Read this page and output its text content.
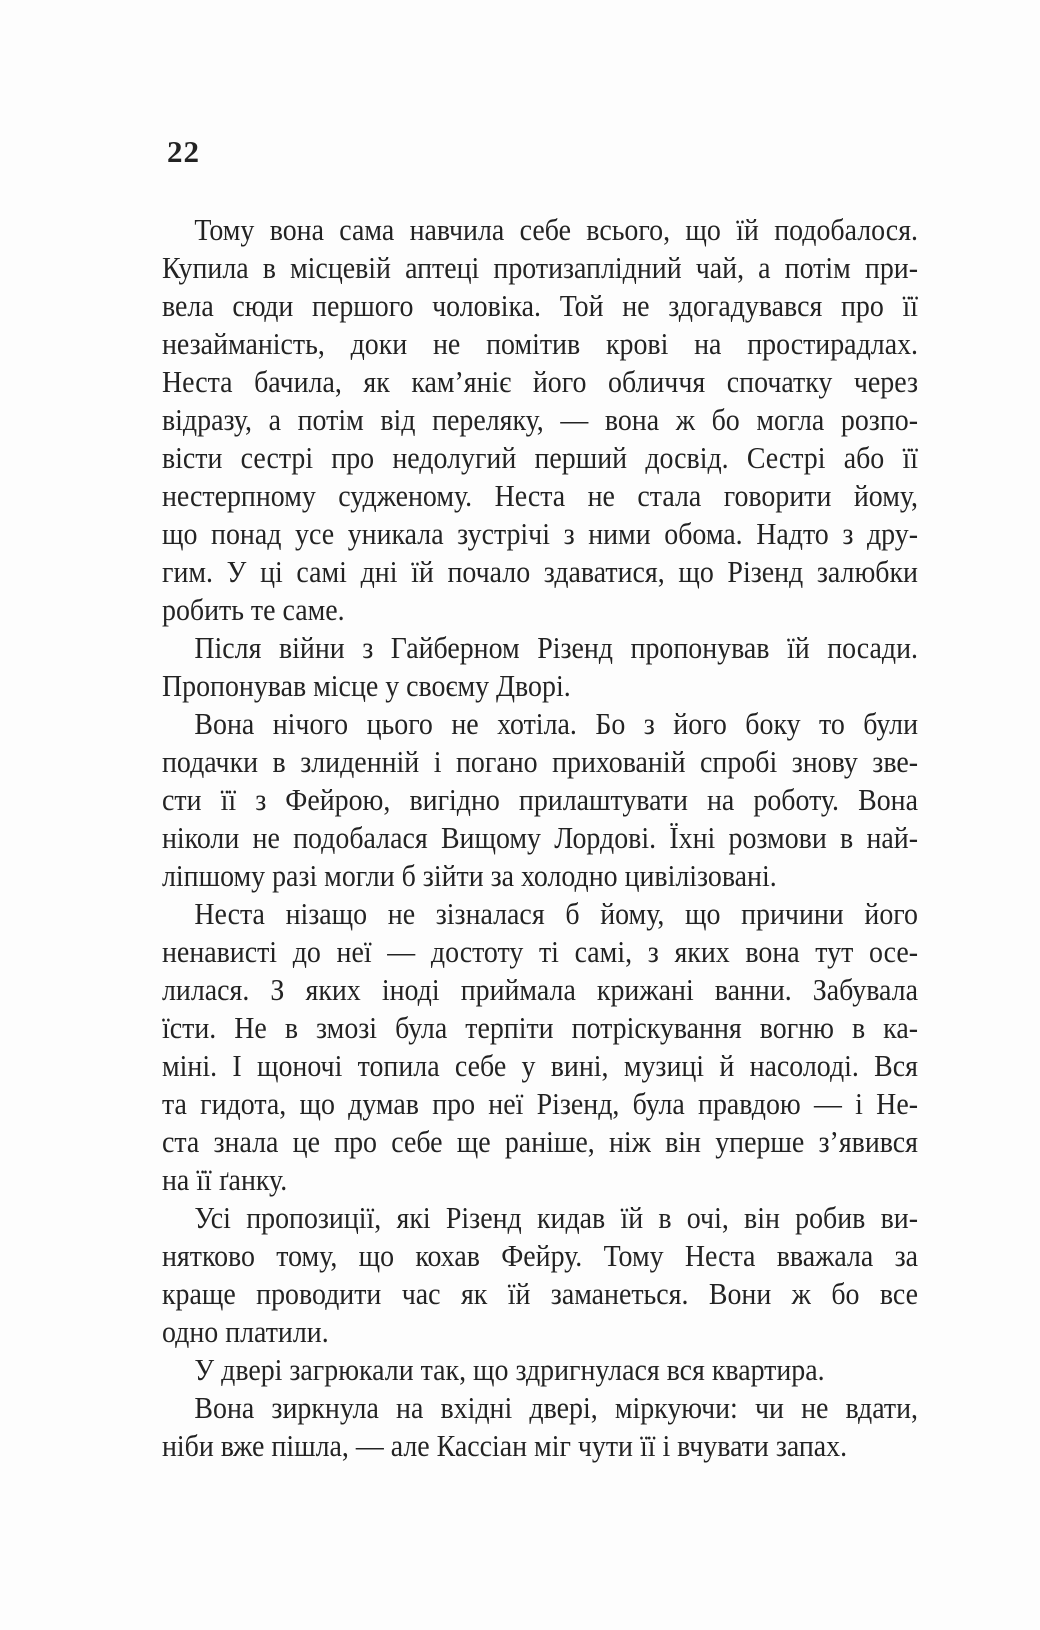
22
Тому вона сама навчила себе всього, що їй подобалося.
Купила в місцевій аптеці протизаплідний чай, а потім при-
вела сюди першого чоловіка. Той не здогадувався про її
незайманість, доки не помітив крові на простирадлах.
Неста бачила, як кам’яніє його обличчя спочатку через
відразу, а потім від переляку, — вона ж бо могла розпо-
вісти сестрі про недолугий перший досвід. Сестрі або її
нестерпному судженому. Неста не стала говорити йому,
що понад усе уникала зустрічі з ними обома. Надто з дру-
гим. У ці самі дні їй почало здаватися, що Різенд залюбки
робить те саме.
Після війни з Гайберном Різенд пропонував їй посади.
Пропонував місце у своєму Дворі.
Вона нічого цього не хотіла. Бо з його боку то були
подачки в злиденній і погано прихованій спробі знову зве-
сти її з Фейрою, вигідно прилаштувати на роботу. Вона
ніколи не подобалася Вищому Лордові. Їхні розмови в най-
ліпшому разі могли б зійти за холодно цивілізовані.
Неста нізащо не зізналася б йому, що причини його
ненависті до неї — достоту ті самі, з яких вона тут осе-
лилася. З яких іноді приймала крижані ванни. Забувала
їсти. Не в змозі була терпіти потріскування вогню в ка-
міні. І щоночі топила себе у вині, музиці й насолоді. Вся
та гидота, що думав про неї Різенд, була правдою — і Не-
ста знала це про себе ще раніше, ніж він уперше з’явився
на її ґанку.
Усі пропозиції, які Різенд кидав їй в очі, він робив ви-
нятково тому, що кохав Фейру. Тому Неста вважала за
краще проводити час як їй заманеться. Вони ж бо все
одно платили.
У двері загрюкали так, що здригнулася вся квартира.
Вона зиркнула на вхідні двері, міркуючи: чи не вдати,
ніби вже пішла, — але Кассіан міг чути її і вчувати запах.
